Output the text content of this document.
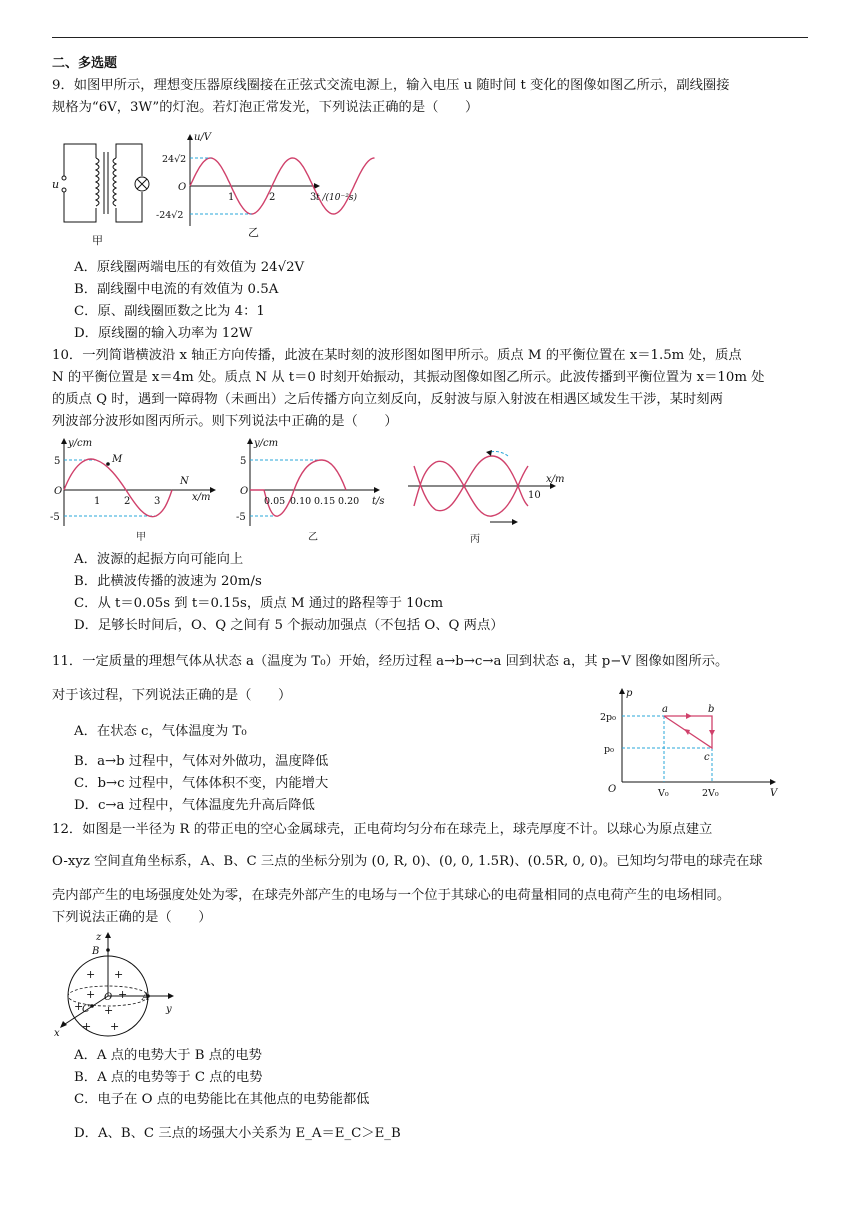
二、多选题
9．如图甲所示，理想变压器原线圈接在正弦式交流电源上，输入电压 u 随时间 t 变化的图像如图乙所示，副线圈接
规格为“6V，3W”的灯泡。若灯泡正常发光，下列说法正确的是（　　）
u
甲
u/V
24√2
-24√2
O
1	2	3 t /(10⁻²s)
乙
A．原线圈两端电压的有效值为 24√2V
B．副线圈中电流的有效值为 0.5A
C．原、副线圈匝数之比为 4：1
D．原线圈的输入功率为 12W
10．一列简谐横波沿 x 轴正方向传播，此波在某时刻的波形图如图甲所示。质点 M 的平衡位置在 x＝1.5m 处，质点
N 的平衡位置是 x＝4m 处。质点 N 从 t＝0 时刻开始振动，其振动图像如图乙所示。此波传播到平衡位置为 x＝10m 处
的质点 Q 时，遇到一障碍物（未画出）之后传播方向立刻反向，反射波与原入射波在相遇区域发生干涉，某时刻两
列波部分波形如图丙所示。则下列说法中正确的是（　　）
y/cm
5
-5
O
M
N
1 2 3	x/m
甲
y/cm
5
-5
O
0.05 0.10 0.15 0.20 t/s
乙
10
x/m
丙
A．波源的起振方向可能向上
B．此横波传播的波速为 20m/s
C．从 t＝0.05s 到 t＝0.15s，质点 M 通过的路程等于 10cm
D．足够长时间后，O、Q 之间有 5 个振动加强点（不包括 O、Q 两点）
11．一定质量的理想气体从状态 a（温度为 T₀）开始，经历过程 a→b→c→a 回到状态 a，其 p−V 图像如图所示。
对于该过程，下列说法正确的是（　　）
A．在状态 c，气体温度为 T₀
B．a→b 过程中，气体对外做功，温度降低
C．b→c 过程中，气体体积不变，内能增大
D．c→a 过程中，气体温度先升高后降低
p
V
O
2p₀
p₀
V₀	2V₀
a	b
c
12．如图是一半径为 R 的带正电的空心金属球壳，正电荷均匀分布在球壳上，球壳厚度不计。以球心为原点建立
O-xyz 空间直角坐标系，A、B、C 三点的坐标分别为 (0, R, 0)、(0, 0, 1.5R)、(0.5R, 0, 0)。已知均匀带电的球壳在球
壳内部产生的电场强度处处为零，在球壳外部产生的电场与一个位于其球心的电荷量相同的点电荷产生的电场相同。
下列说法正确的是（　　）
z
y
x
B
A
C
O
+ +
+ +
+ +
+ +
A．A 点的电势大于 B 点的电势
B．A 点的电势等于 C 点的电势
C．电子在 O 点的电势能比在其他点的电势能都低
D．A、B、C 三点的场强大小关系为 E_A＝E_C＞E_B
